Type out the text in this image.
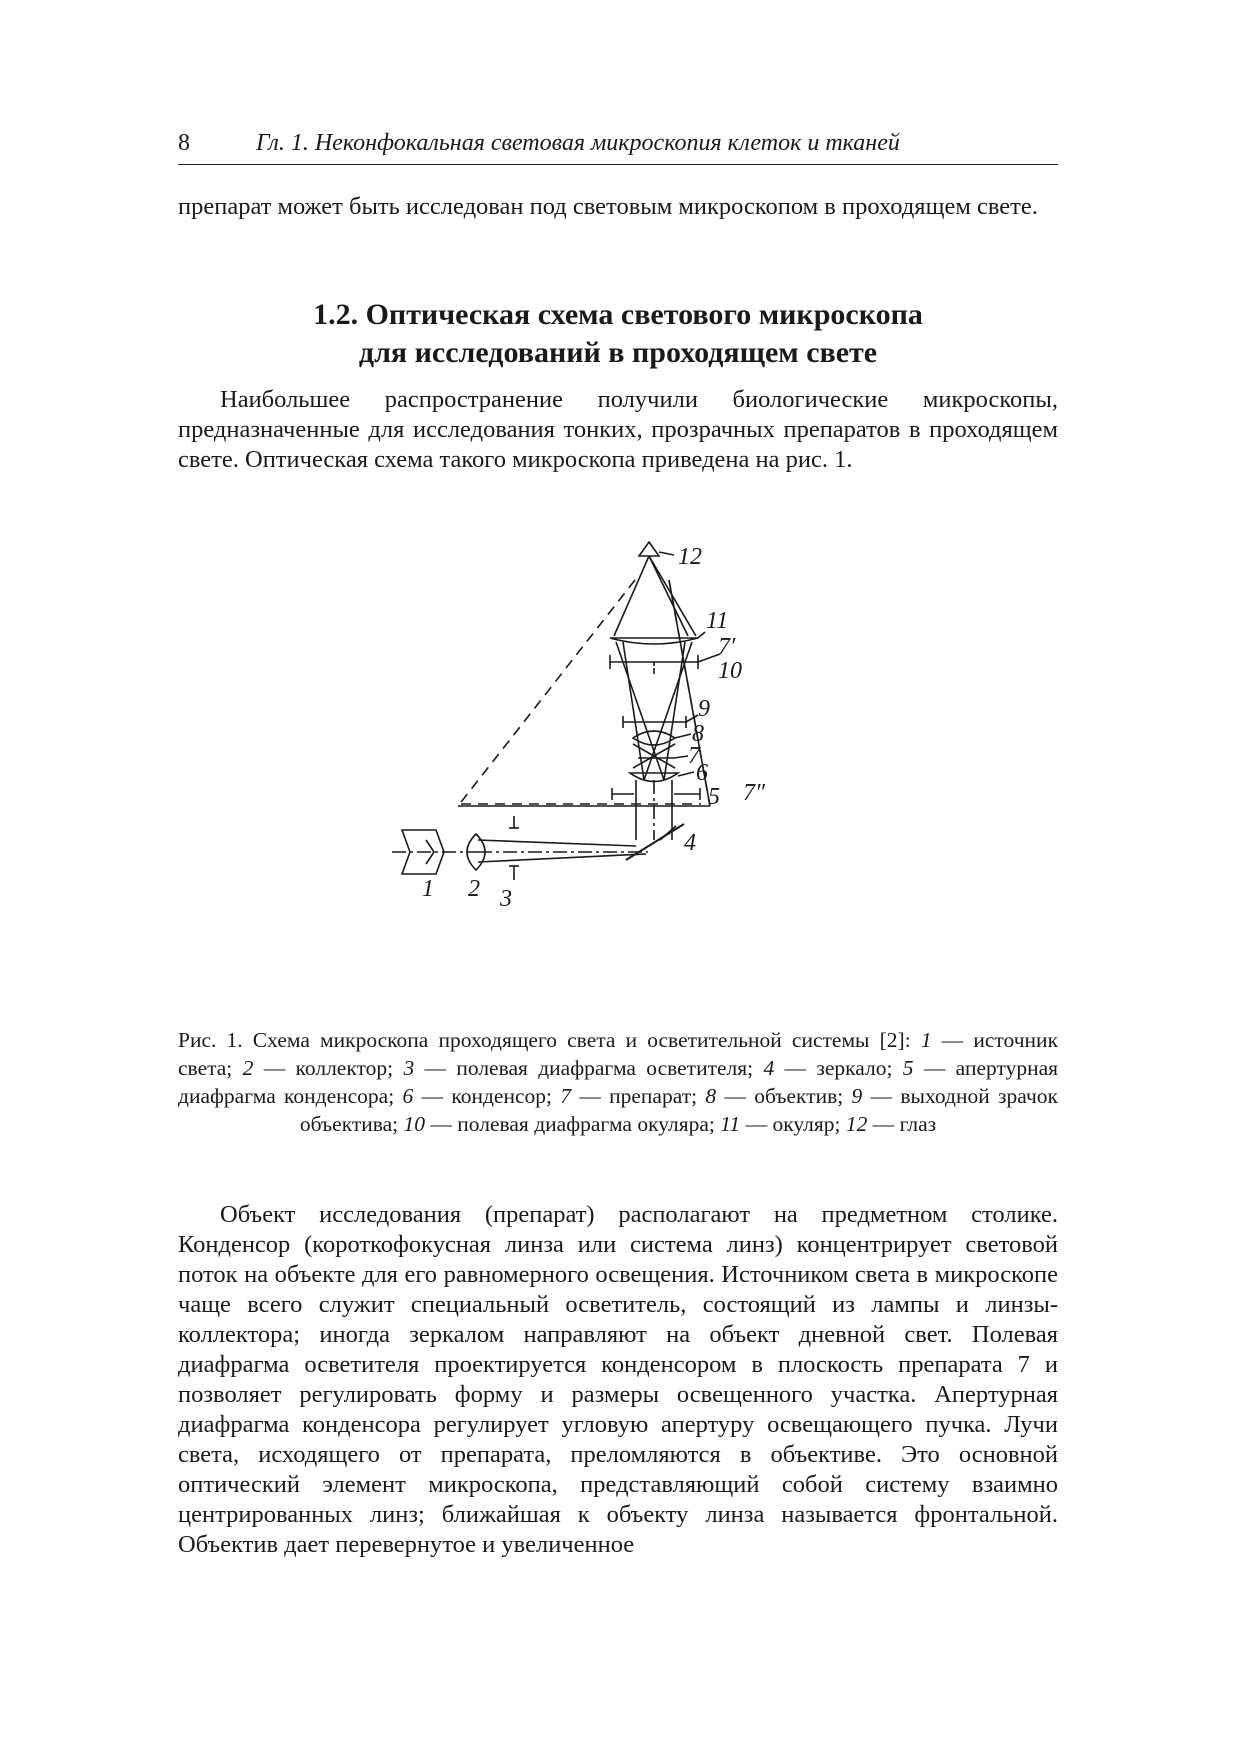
8	Гл. 1. Неконфокальная световая микроскопия клеток и тканей

препарат может быть исследован под световым микроскопом в проходящем свете.

1.2. Оптическая схема светового микроскопа
для исследований в проходящем свете

Наибольшее распространение получили биологические микроскопы, предназначенные для исследования тонких, прозрачных препаратов в проходящем свете. Оптическая схема такого микроскопа приведена на рис. 1.

12
11
7′
10
9
8
7
6
5 7″
4
1 2 3
Рис. 1. Схема микроскопа проходящего света и осветительной системы [2]: 1 — источник света; 2 — коллектор; 3 — полевая диафрагма осветителя; 4 — зеркало; 5 — апертурная диафрагма конденсора; 6 — конденсор; 7 — препарат; 8 — объектив; 9 — выходной зрачок объектива; 10 — полевая диафрагма окуляра; 11 — окуляр; 12 — глаз

Объект исследования (препарат) располагают на предметном столике. Конденсор (короткофокусная линза или система линз) концентрирует световой поток на объекте для его равномерного освещения. Источником света в микроскопе чаще всего служит специальный осветитель, состоящий из лампы и линзы-коллектора; иногда зеркалом направляют на объект дневной свет. Полевая диафрагма осветителя проектируется конденсором в плоскость препарата 7 и позволяет регулировать форму и размеры освещенного участка. Апертурная диафрагма конденсора регулирует угловую апертуру освещающего пучка. Лучи света, исходящего от препарата, преломляются в объективе. Это основной оптический элемент микроскопа, представляющий собой систему взаимно центрированных линз; ближайшая к объекту линза называется фронтальной. Объектив дает перевернутое и увеличенное
